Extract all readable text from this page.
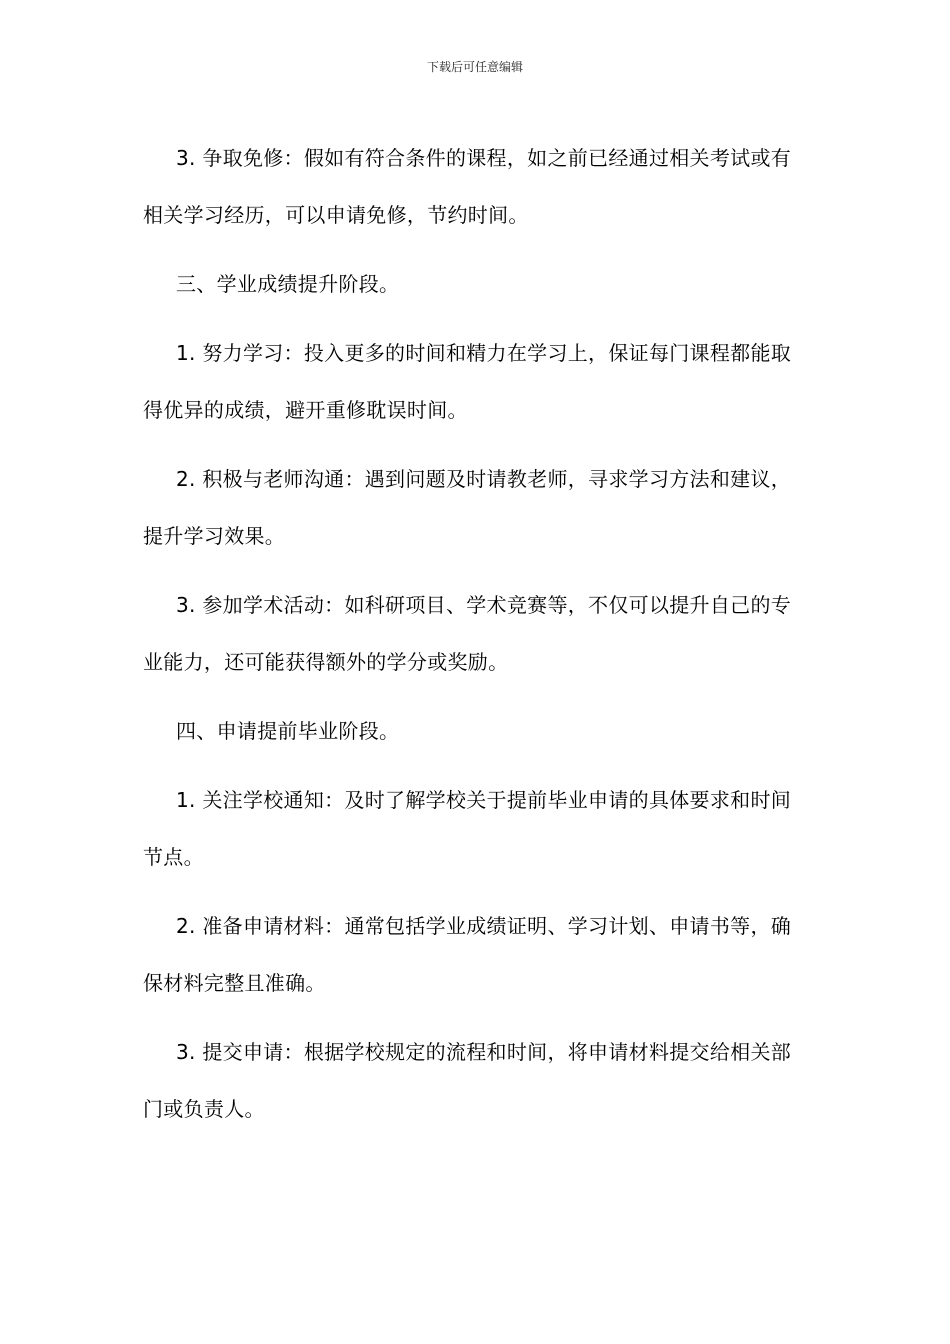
下载后可任意编辑

3. 争取免修：假如有符合条件的课程，如之前已经通过相关考试或有
相关学习经历，可以申请免修，节约时间。

三、学业成绩提升阶段。

1. 努力学习：投入更多的时间和精力在学习上，保证每门课程都能取
得优异的成绩，避开重修耽误时间。

2. 积极与老师沟通：遇到问题及时请教老师，寻求学习方法和建议，
提升学习效果。

3. 参加学术活动：如科研项目、学术竞赛等，不仅可以提升自己的专
业能力，还可能获得额外的学分或奖励。

四、申请提前毕业阶段。

1. 关注学校通知：及时了解学校关于提前毕业申请的具体要求和时间
节点。

2. 准备申请材料：通常包括学业成绩证明、学习计划、申请书等，确
保材料完整且准确。

3. 提交申请：根据学校规定的流程和时间，将申请材料提交给相关部
门或负责人。
